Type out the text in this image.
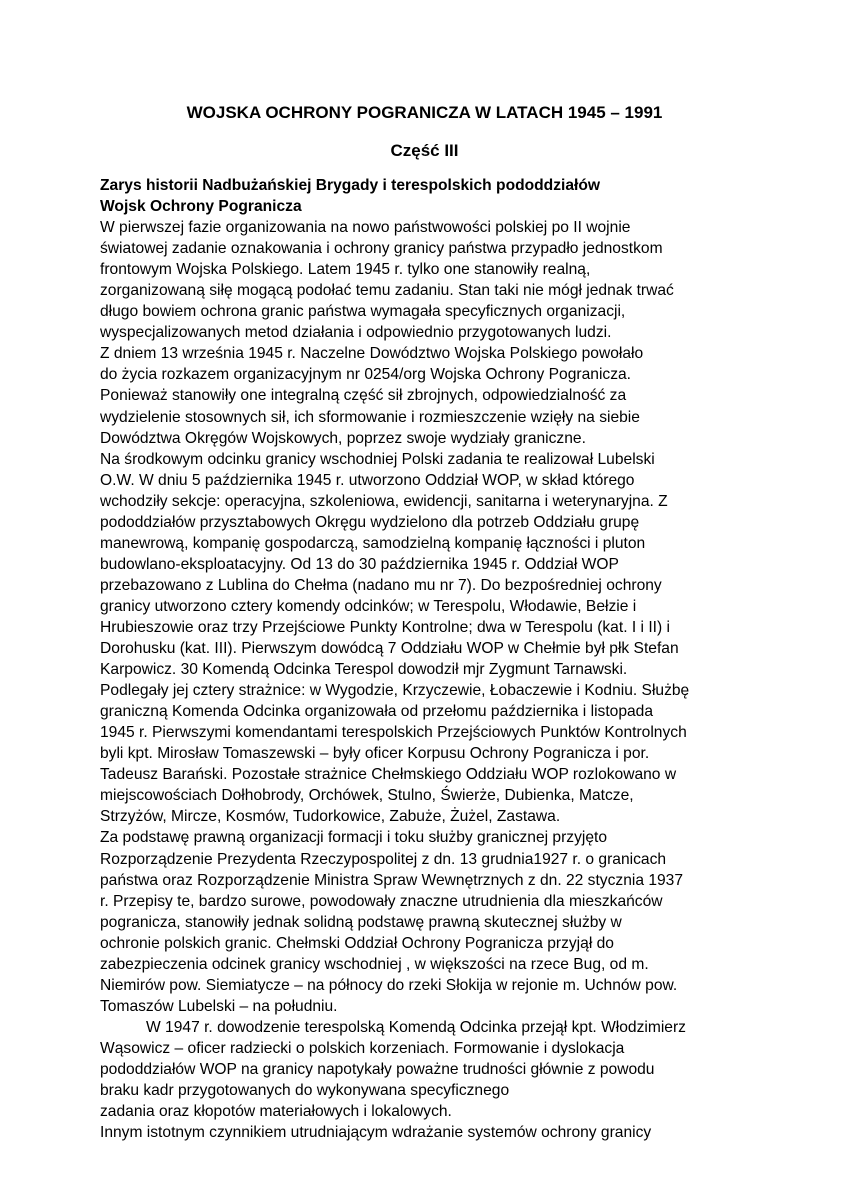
WOJSKA OCHRONY POGRANICZA W LATACH 1945 – 1991
Część III
Zarys historii Nadbużańskiej Brygady i terespolskich pododdziałów
Wojsk Ochrony Pogranicza
W pierwszej fazie organizowania na nowo państwowości polskiej po II wojnie
światowej zadanie oznakowania i ochrony granicy państwa przypadło jednostkom
frontowym Wojska Polskiego. Latem 1945 r. tylko one stanowiły realną,
zorganizowaną siłę mogącą podołać temu zadaniu. Stan taki nie mógł jednak trwać
długo bowiem ochrona granic państwa wymagała specyficznych organizacji,
wyspecjalizowanych metod działania i odpowiednio przygotowanych ludzi.
Z dniem 13 września 1945 r. Naczelne Dowództwo Wojska Polskiego powołało
do życia rozkazem organizacyjnym nr 0254/org Wojska Ochrony Pogranicza.
Ponieważ stanowiły one integralną część sił zbrojnych, odpowiedzialność za
wydzielenie stosownych sił, ich sformowanie i rozmieszczenie wzięły na siebie
Dowództwa Okręgów Wojskowych, poprzez swoje wydziały graniczne.
Na środkowym odcinku granicy wschodniej Polski zadania te realizował Lubelski
O.W. W dniu 5 października 1945 r. utworzono Oddział WOP, w skład którego
wchodziły sekcje: operacyjna, szkoleniowa, ewidencji, sanitarna i weterynaryjna. Z
pododdziałów przysztabowych Okręgu wydzielono dla potrzeb Oddziału grupę
manewrową, kompanię gospodarczą, samodzielną kompanię łączności i pluton
budowlano-eksploatacyjny. Od 13 do 30 października 1945 r. Oddział WOP
przebazowano z Lublina do Chełma (nadano mu nr 7). Do bezpośredniej ochrony
granicy utworzono cztery komendy odcinków; w Terespolu, Włodawie, Bełzie i
Hrubieszowie oraz trzy Przejściowe Punkty Kontrolne; dwa w Terespolu (kat. I i II) i
Dorohusku (kat. III). Pierwszym dowódcą 7 Oddziału WOP w Chełmie był płk Stefan
Karpowicz. 30 Komendą Odcinka Terespol dowodził mjr Zygmunt Tarnawski.
Podlegały jej cztery strażnice: w Wygodzie, Krzyczewie, Łobaczewie i Kodniu. Służbę
graniczną Komenda Odcinka organizowała od przełomu października i listopada
1945 r. Pierwszymi komendantami terespolskich Przejściowych Punktów Kontrolnych
byli kpt. Mirosław Tomaszewski – były oficer Korpusu Ochrony Pogranicza i por.
Tadeusz Barański. Pozostałe strażnice Chełmskiego Oddziału WOP rozlokowano w
miejscowościach Dołhobrody, Orchówek, Stulno, Świerże, Dubienka, Matcze,
Strzyżów, Mircze, Kosmów, Tudorkowice, Zabuże, Żużel, Zastawa.
Za podstawę prawną organizacji formacji i toku służby granicznej przyjęto
Rozporządzenie Prezydenta Rzeczypospolitej z dn. 13 grudnia1927 r. o granicach
państwa oraz Rozporządzenie Ministra Spraw Wewnętrznych z dn. 22 stycznia 1937
r. Przepisy te, bardzo surowe, powodowały znaczne utrudnienia dla mieszkańców
pogranicza, stanowiły jednak solidną podstawę prawną skutecznej służby w
ochronie polskich granic. Chełmski Oddział Ochrony Pogranicza przyjął do
zabezpieczenia odcinek granicy wschodniej , w większości na rzece Bug, od m.
Niemirów pow. Siemiatycze – na północy do rzeki Słokija w rejonie m. Uchnów pow.
Tomaszów Lubelski – na południu.
W 1947 r. dowodzenie terespolską Komendą Odcinka przejął kpt. Włodzimierz
Wąsowicz – oficer radziecki o polskich korzeniach. Formowanie i dyslokacja
pododdziałów WOP na granicy napotykały poważne trudności głównie z powodu
braku kadr przygotowanych do wykonywana specyficznego
zadania oraz kłopotów materiałowych i lokalowych.
Innym istotnym czynnikiem utrudniającym wdrażanie systemów ochrony granicy
